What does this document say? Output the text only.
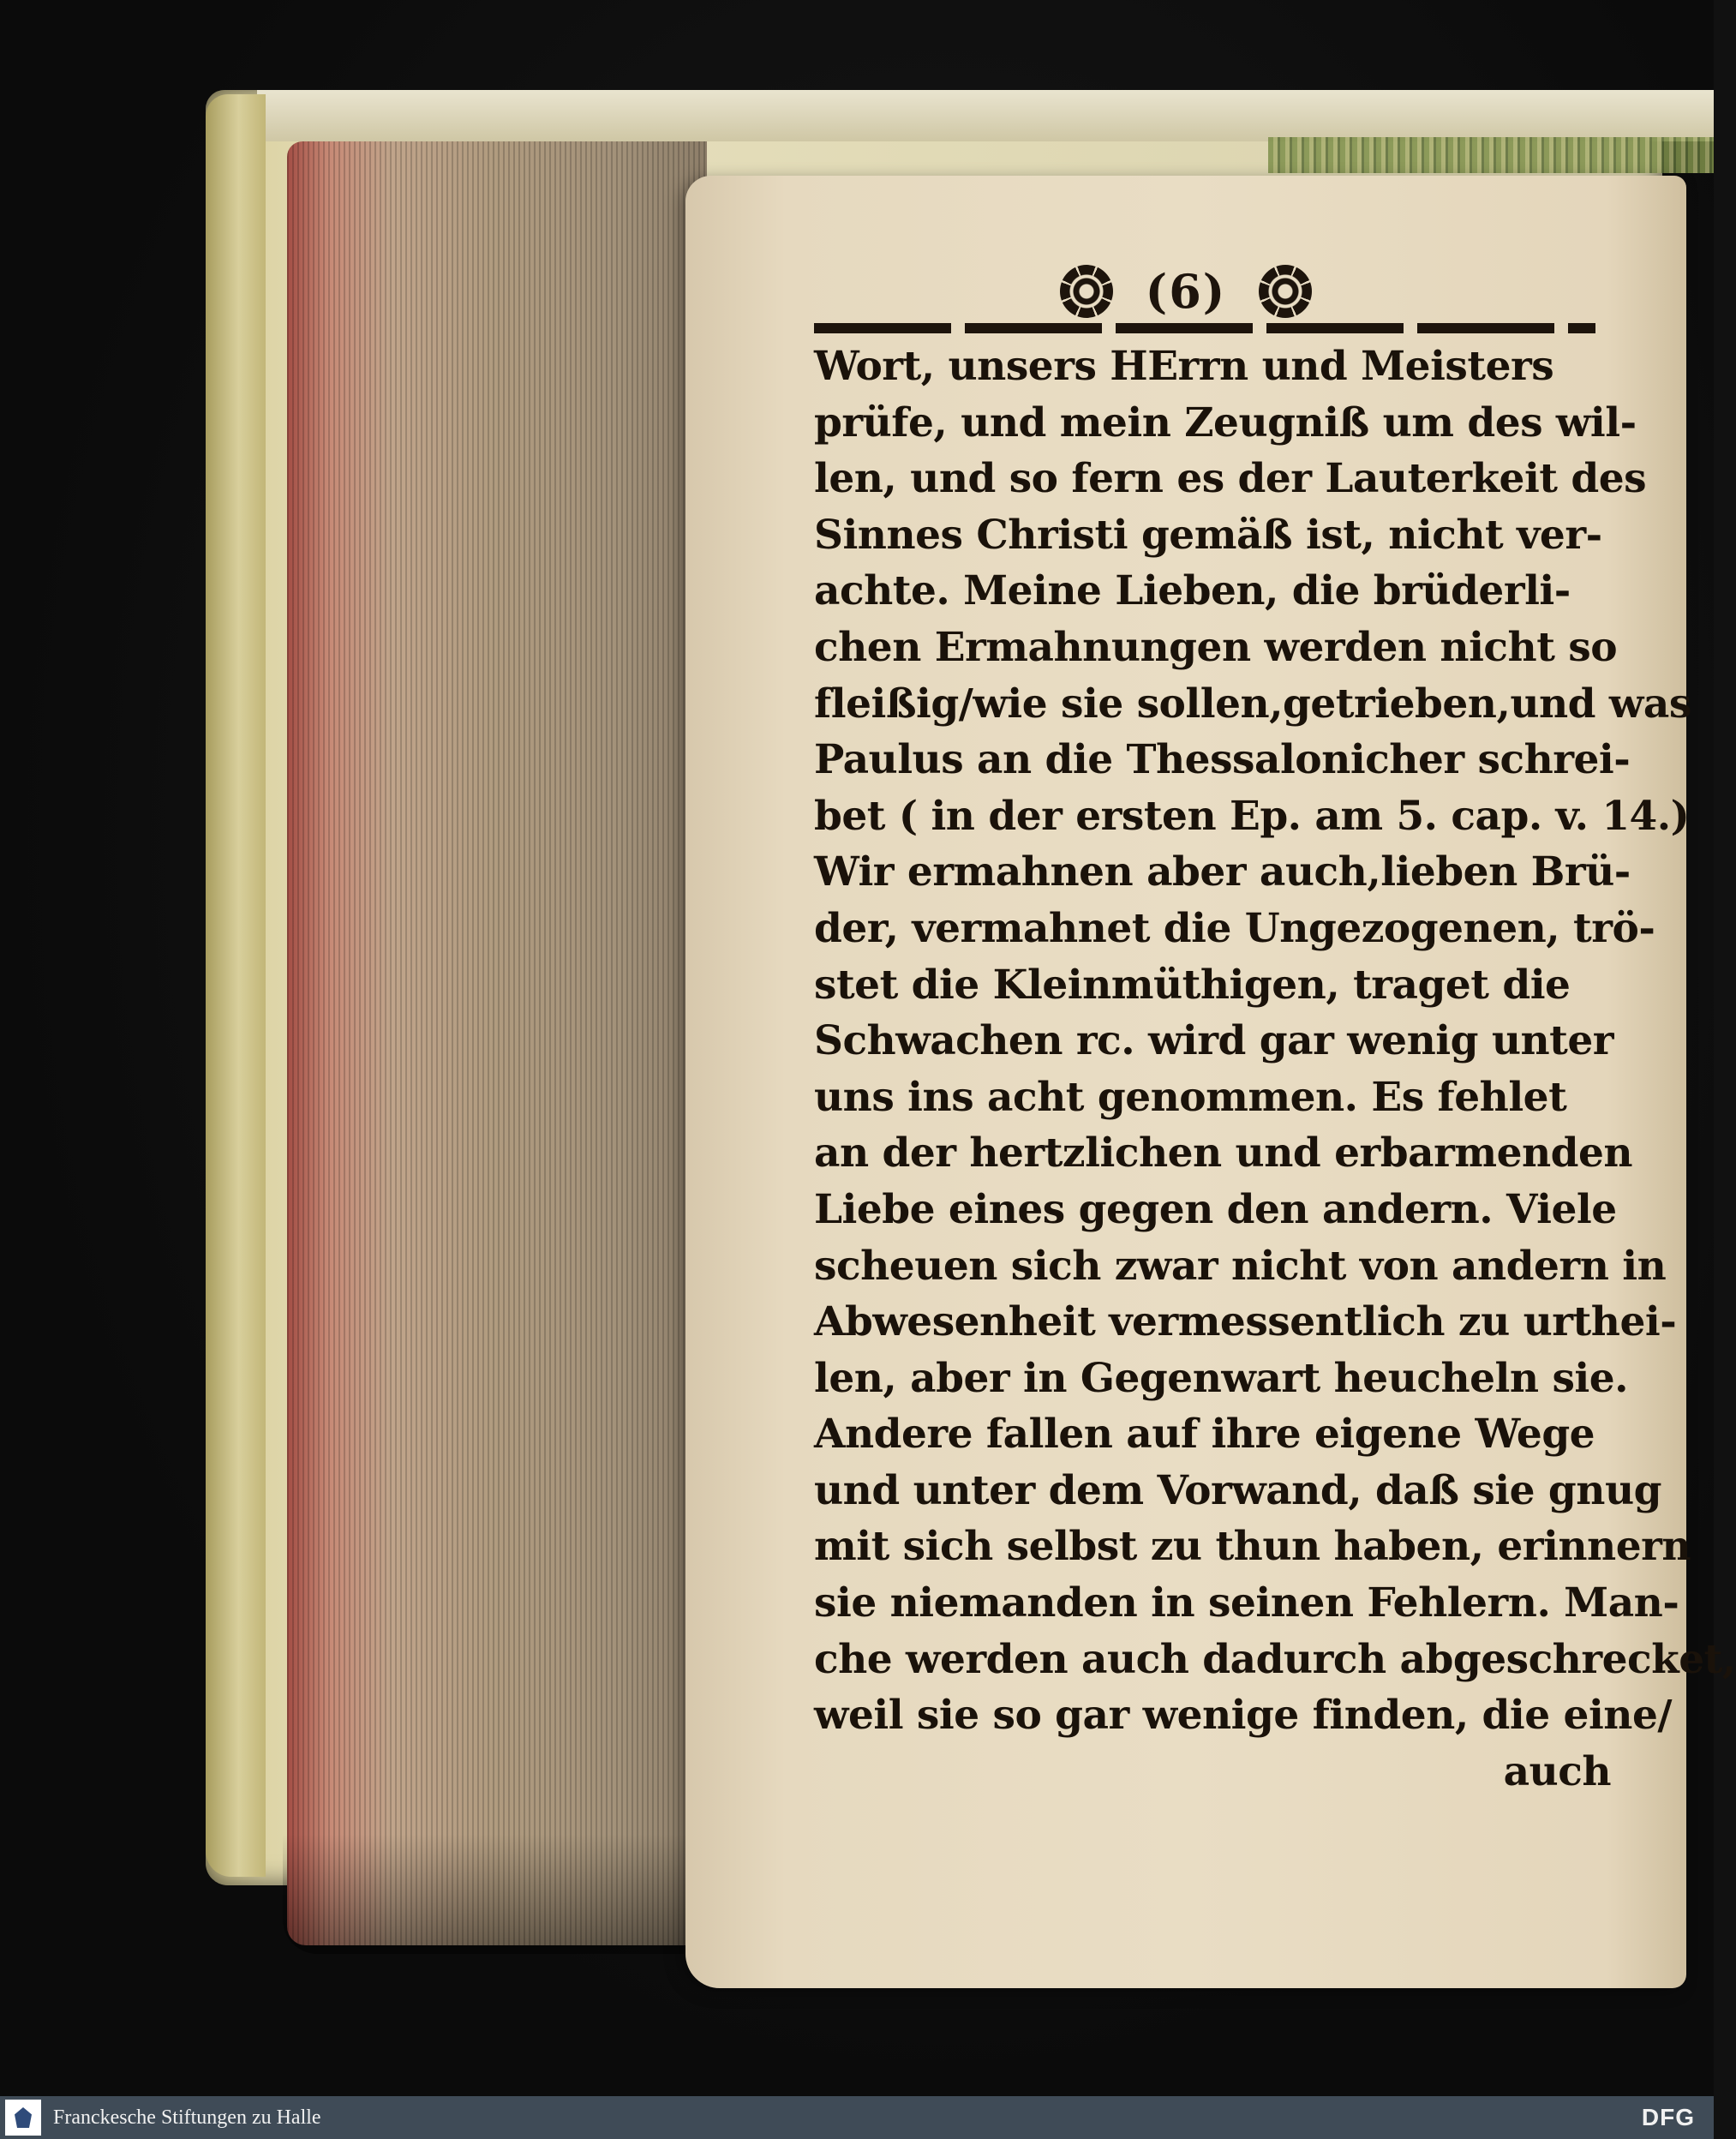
(6)
Wort, unsers HErrn und Meisters
prüfe, und mein Zeugniß um des wil-
len, und so fern es der Lauterkeit des
Sinnes Christi gemäß ist, nicht ver-
achte. Meine Lieben, die brüderli-
chen Ermahnungen werden nicht so
fleißig/wie sie sollen,getrieben,und was
Paulus an die Thessalonicher schrei-
bet ( in der ersten Ep. am 5. cap. v. 14.)
Wir ermahnen aber auch,lieben Brü-
der, vermahnet die Ungezogenen, trö-
stet die Kleinmüthigen, traget die
Schwachen rc. wird gar wenig unter
uns ins acht genommen. Es fehlet
an der hertzlichen und erbarmenden
Liebe eines gegen den andern. Viele
scheuen sich zwar nicht von andern in
Abwesenheit vermessentlich zu urthei-
len, aber in Gegenwart heucheln sie.
Andere fallen auf ihre eigene Wege
und unter dem Vorwand, daß sie gnug
mit sich selbst zu thun haben, erinnern
sie niemanden in seinen Fehlern. Man-
che werden auch dadurch abgeschrecket,
weil sie so gar wenige finden, die eine/
auch
Franckesche Stiftungen zu Halle	DFG
